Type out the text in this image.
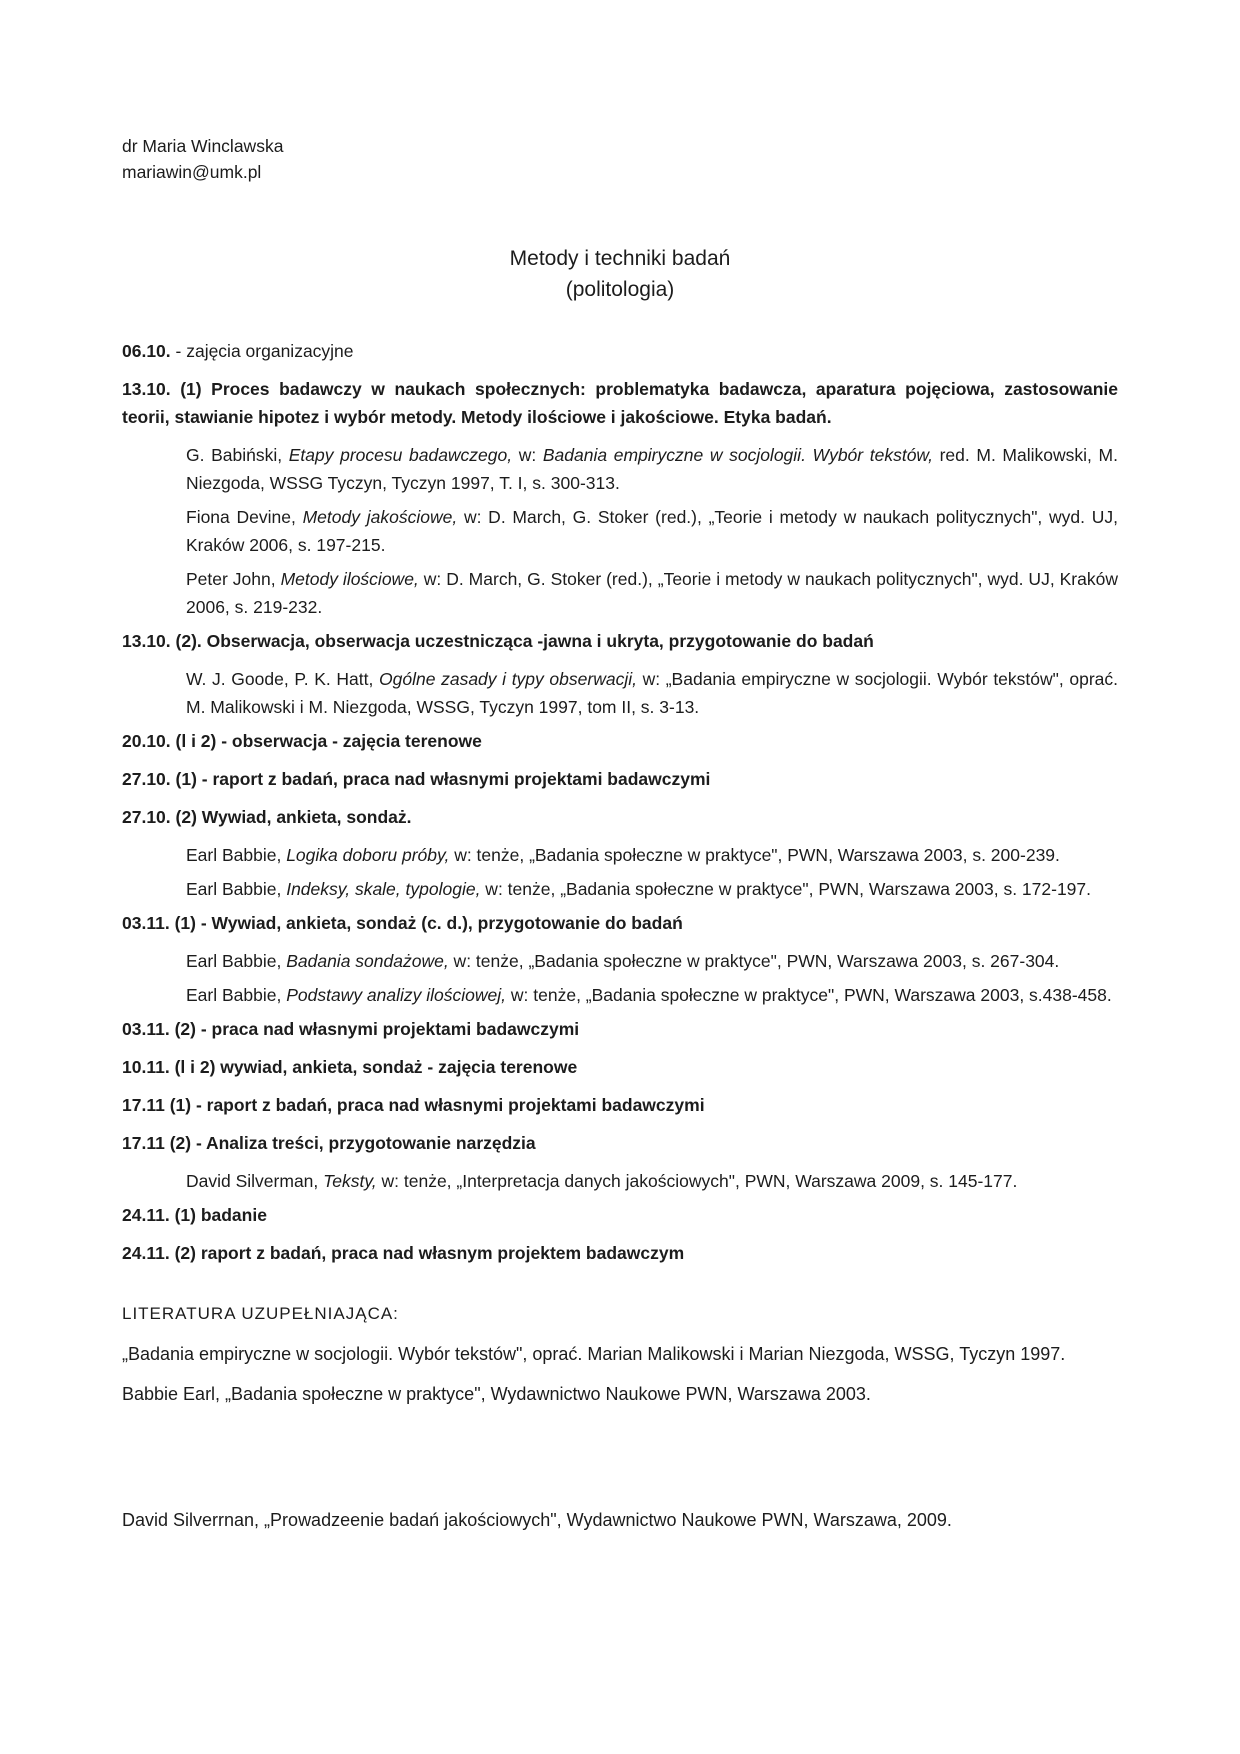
dr Maria Winclawska

mariawin@umk.pl

Metody i techniki badań

(politologia)

06.10. - zajęcia organizacyjne

13.10. (1) Proces badawczy w naukach społecznych: problematyka badawcza, aparatura pojęciowa, zastosowanie teorii, stawianie hipotez i wybór metody. Metody ilościowe i jakościowe. Etyka badań.

G. Babiński, Etapy procesu badawczego, w: Badania empiryczne w socjologii. Wybór tekstów, red. M. Malikowski, M. Niezgoda, WSSG Tyczyn, Tyczyn 1997, T. I, s. 300-313.

Fiona Devine, Metody jakościowe, w: D. March, G. Stoker (red.), „Teorie i metody w naukach politycznych", wyd. UJ, Kraków 2006, s. 197-215.

Peter John, Metody ilościowe, w: D. March, G. Stoker (red.), „Teorie i metody w naukach politycznych", wyd. UJ, Kraków 2006, s. 219-232.

13.10. (2). Obserwacja, obserwacja uczestnicząca -jawna i ukryta, przygotowanie do badań

W. J. Goode, P. K. Hatt, Ogólne zasady i typy obserwacji, w: „Badania empiryczne w socjologii. Wybór tekstów", oprać. M. Malikowski i M. Niezgoda, WSSG, Tyczyn 1997, tom II, s. 3-13.

20.10. (l i 2) - obserwacja - zajęcia terenowe

27.10. (1) - raport z badań, praca nad własnymi projektami badawczymi

27.10. (2) Wywiad, ankieta, sondaż.

Earl Babbie, Logika doboru próby, w: tenże, „Badania społeczne w praktyce", PWN, Warszawa 2003, s. 200-239.

Earl Babbie, Indeksy, skale, typologie, w: tenże, „Badania społeczne w praktyce", PWN, Warszawa 2003, s. 172-197.

03.11. (1) - Wywiad, ankieta, sondaż (c. d.), przygotowanie do badań

Earl Babbie, Badania sondażowe, w: tenże, „Badania społeczne w praktyce", PWN, Warszawa 2003, s. 267-304.

Earl Babbie, Podstawy analizy ilościowej, w: tenże, „Badania społeczne w praktyce", PWN, Warszawa 2003, s.438-458.

03.11. (2) - praca nad własnymi projektami badawczymi

10.11. (l i 2) wywiad, ankieta, sondaż - zajęcia terenowe

17.11 (1) - raport z badań, praca nad własnymi projektami badawczymi

17.11 (2) - Analiza treści, przygotowanie narzędzia

David Silverman, Teksty, w: tenże, „Interpretacja danych jakościowych", PWN, Warszawa 2009, s. 145-177.

24.11. (1) badanie

24.11. (2) raport z badań, praca nad własnym projektem badawczym

LITERATURA UZUPEŁNIAJĄCA:

„Badania empiryczne w socjologii. Wybór tekstów", oprać. Marian Malikowski i Marian Niezgoda, WSSG, Tyczyn 1997.

Babbie Earl, „Badania społeczne w praktyce", Wydawnictwo Naukowe PWN, Warszawa 2003.

David Silverrnan, „Prowadzeenie badań jakościowych", Wydawnictwo Naukowe PWN, Warszawa, 2009.
